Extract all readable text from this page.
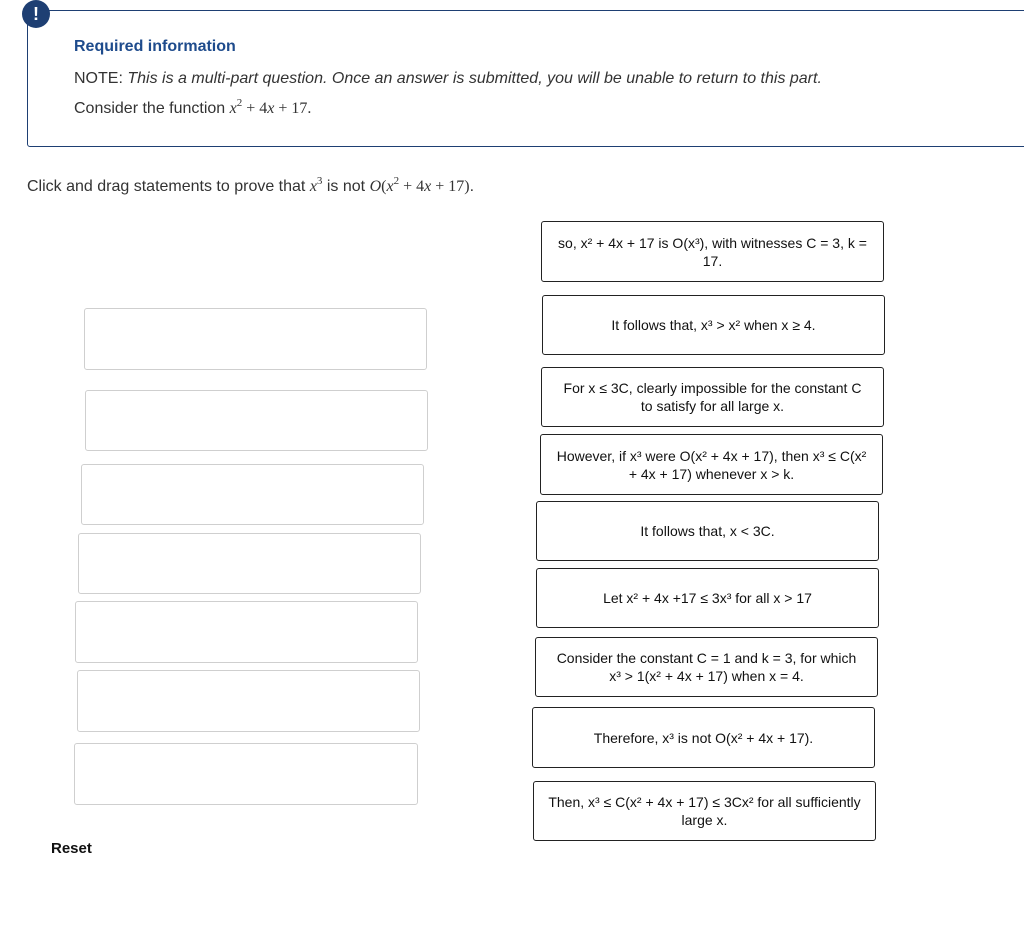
!
Required information
NOTE: This is a multi-part question. Once an answer is submitted, you will be unable to return to this part.
Consider the function $x^2 + 4x + 17$.
Click and drag statements to prove that $x^3$ is not $O(x^2 + 4x + 17)$.
so, x² + 4x + 17 is O(x³), with witnesses C = 3, k = 17.
It follows that, x³ > x² when x ≥ 4.
For x ≤ 3C, clearly impossible for the constant C to satisfy for all large x.
However, if x³ were O(x² + 4x + 17), then x³ ≤ C(x² + 4x + 17) whenever x > k.
It follows that, x < 3C.
Let x² + 4x +17 ≤ 3x³ for all x > 17
Consider the constant C = 1 and k = 3, for which x³ > 1(x² + 4x + 17) when x = 4.
Therefore, x³ is not O(x² + 4x + 17).
Then, x³ ≤ C(x² + 4x + 17) ≤ 3Cx² for all sufficiently large x.
Reset
